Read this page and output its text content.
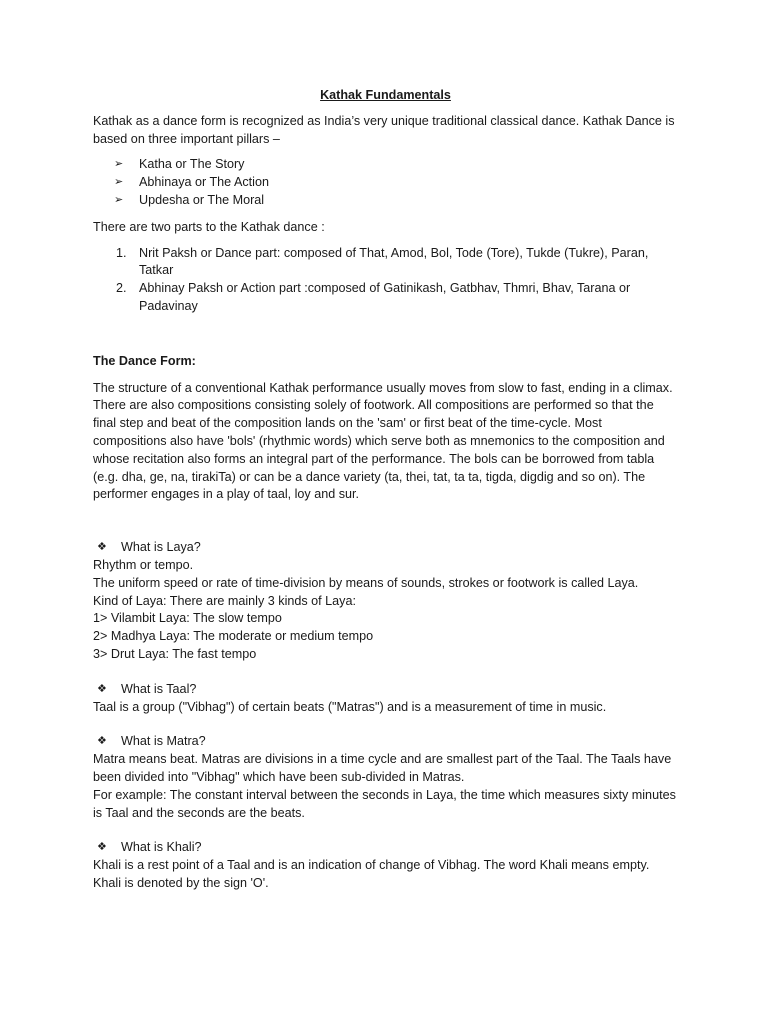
Kathak Fundamentals

Kathak as a dance form is recognized as India’s very unique traditional classical dance. Kathak Dance is based on three important pillars –

➢ Katha or The Story
➢ Abhinaya or The Action
➢ Updesha or The Moral

There are two parts to the Kathak dance :

1. Nrit Paksh or Dance part: composed of That, Amod, Bol, Tode (Tore), Tukde (Tukre), Paran, Tatkar
2. Abhinay Paksh or Action part :composed of Gatinikash, Gatbhav, Thmri, Bhav, Tarana or Padavinay

The Dance Form:

The structure of a conventional Kathak performance usually moves from slow to fast, ending in a climax. There are also compositions consisting solely of footwork. All compositions are performed so that the final step and beat of the composition lands on the 'sam' or first beat of the time-cycle. Most compositions also have 'bols' (rhythmic words) which serve both as mnemonics to the composition and whose recitation also forms an integral part of the performance. The bols can be borrowed from tabla (e.g. dha, ge, na, tirakiTa) or can be a dance variety (ta, thei, tat, ta ta, tigda, digdig and so on). The performer engages in a play of taal, loy and sur.

❖ What is Laya?
Rhythm or tempo.
The uniform speed or rate of time-division by means of sounds, strokes or footwork is called Laya.
Kind of Laya: There are mainly 3 kinds of Laya:
1> Vilambit Laya: The slow tempo
2> Madhya Laya: The moderate or medium tempo
3> Drut Laya: The fast tempo
❖ What is Taal?
Taal is a group ("Vibhag") of certain beats ("Matras") and is a measurement of time in music.
❖ What is Matra?
Matra means beat. Matras are divisions in a time cycle and are smallest part of the Taal. The Taals have been divided into "Vibhag" which have been sub-divided in Matras.
For example: The constant interval between the seconds in Laya, the time which measures sixty minutes is Taal and the seconds are the beats.
❖ What is Khali?
Khali is a rest point of a Taal and is an indication of change of Vibhag. The word Khali means empty. Khali is denoted by the sign 'O'.
